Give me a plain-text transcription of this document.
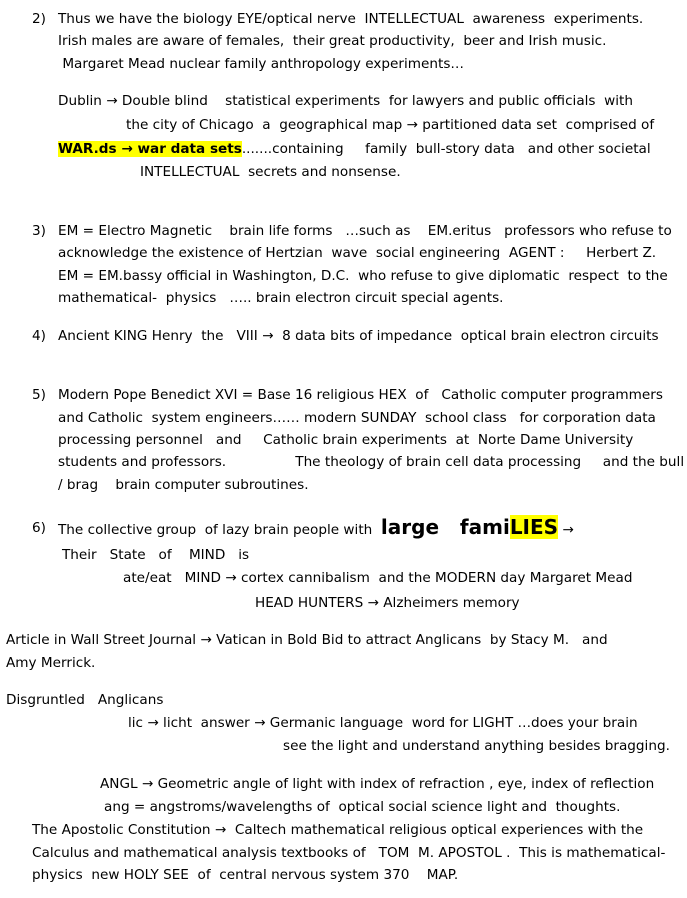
2) Thus we have the biology EYE/optical nerve  INTELLECTUAL  awareness  experiments.
Irish males are aware of females,  their great productivity,  beer and Irish music.
Margaret Mead nuclear family anthropology experiments…
Dublin → Double blind    statistical experiments  for lawyers and public officials  with
the city of Chicago  a  geographical map → partitioned data set  comprised of
WAR.ds → war data sets.......containing     family  bull-story data   and other societal
INTELLECTUAL  secrets and nonsense.
3) EM = Electro Magnetic    brain life forms   …such as    EM.eritus   professors who refuse to
acknowledge the existence of Hertzian  wave  social engineering  AGENT :     Herbert Z.
EM = EM.bassy official in Washington, D.C.  who refuse to give diplomatic  respect  to the
mathematical-  physics   ….. brain electron circuit special agents.
4) Ancient KING Henry  the   VIII →  8 data bits of impedance  optical brain electron circuits
5) Modern Pope Benedict XVI = Base 16 religious HEX  of   Catholic computer programmers
and Catholic  system engineers…… modern SUNDAY  school class   for corporation data
processing personnel   and     Catholic brain experiments  at  Norte Dame University
students and professors.                The theology of brain cell data processing     and the bull
/ brag    brain computer subroutines.
6) The collective group  of lazy brain people with  large   famiLIES →
Their   State   of    MIND   is
ate/eat   MIND → cortex cannibalism  and the MODERN day Margaret Mead
HEAD HUNTERS → Alzheimers memory
Article in Wall Street Journal → Vatican in Bold Bid to attract Anglicans  by Stacy M.   and
Amy Merrick.
Disgruntled   Anglicans
lic → licht  answer → Germanic language  word for LIGHT …does your brain
see the light and understand anything besides bragging.
ANGL → Geometric angle of light with index of refraction , eye, index of reflection
ang = angstroms/wavelengths of  optical social science light and  thoughts.
The Apostolic Constitution →  Caltech mathematical religious optical experiences with the
Calculus and mathematical analysis textbooks of   TOM  M. APOSTOL .  This is mathematical-
physics  new HOLY SEE  of  central nervous system 370    MAP.
